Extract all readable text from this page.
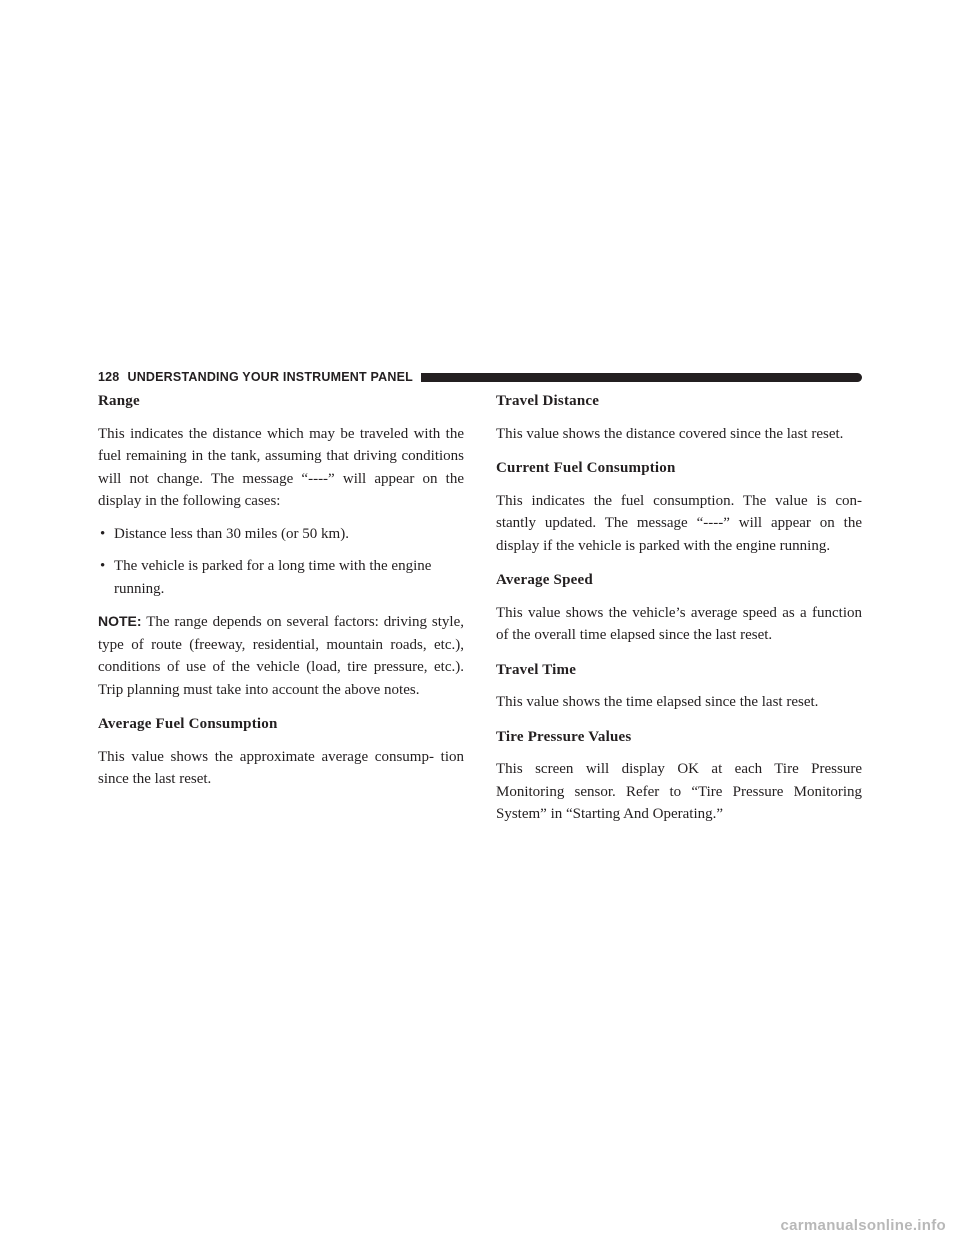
128 UNDERSTANDING YOUR INSTRUMENT PANEL
Range

This indicates the distance which may be traveled with the fuel remaining in the tank, assuming that driving conditions will not change. The message “----” will appear on the display in the following cases:

• Distance less than 30 miles (or 50 km).
• The vehicle is parked for a long time with the engine running.

NOTE: The range depends on several factors: driving style, type of route (freeway, residential, mountain roads, etc.), conditions of use of the vehicle (load, tire pressure, etc.). Trip planning must take into account the above notes.

Average Fuel Consumption

This value shows the approximate average consump- tion since the last reset.

Travel Distance

This value shows the distance covered since the last reset.

Current Fuel Consumption

This indicates the fuel consumption. The value is con- stantly updated. The message “----” will appear on the display if the vehicle is parked with the engine running.

Average Speed

This value shows the vehicle’s average speed as a function of the overall time elapsed since the last reset.

Travel Time

This value shows the time elapsed since the last reset.

Tire Pressure Values

This screen will display OK at each Tire Pressure Monitoring sensor. Refer to “Tire Pressure Monitoring System” in “Starting And Operating.”

carmanualsonline.info
